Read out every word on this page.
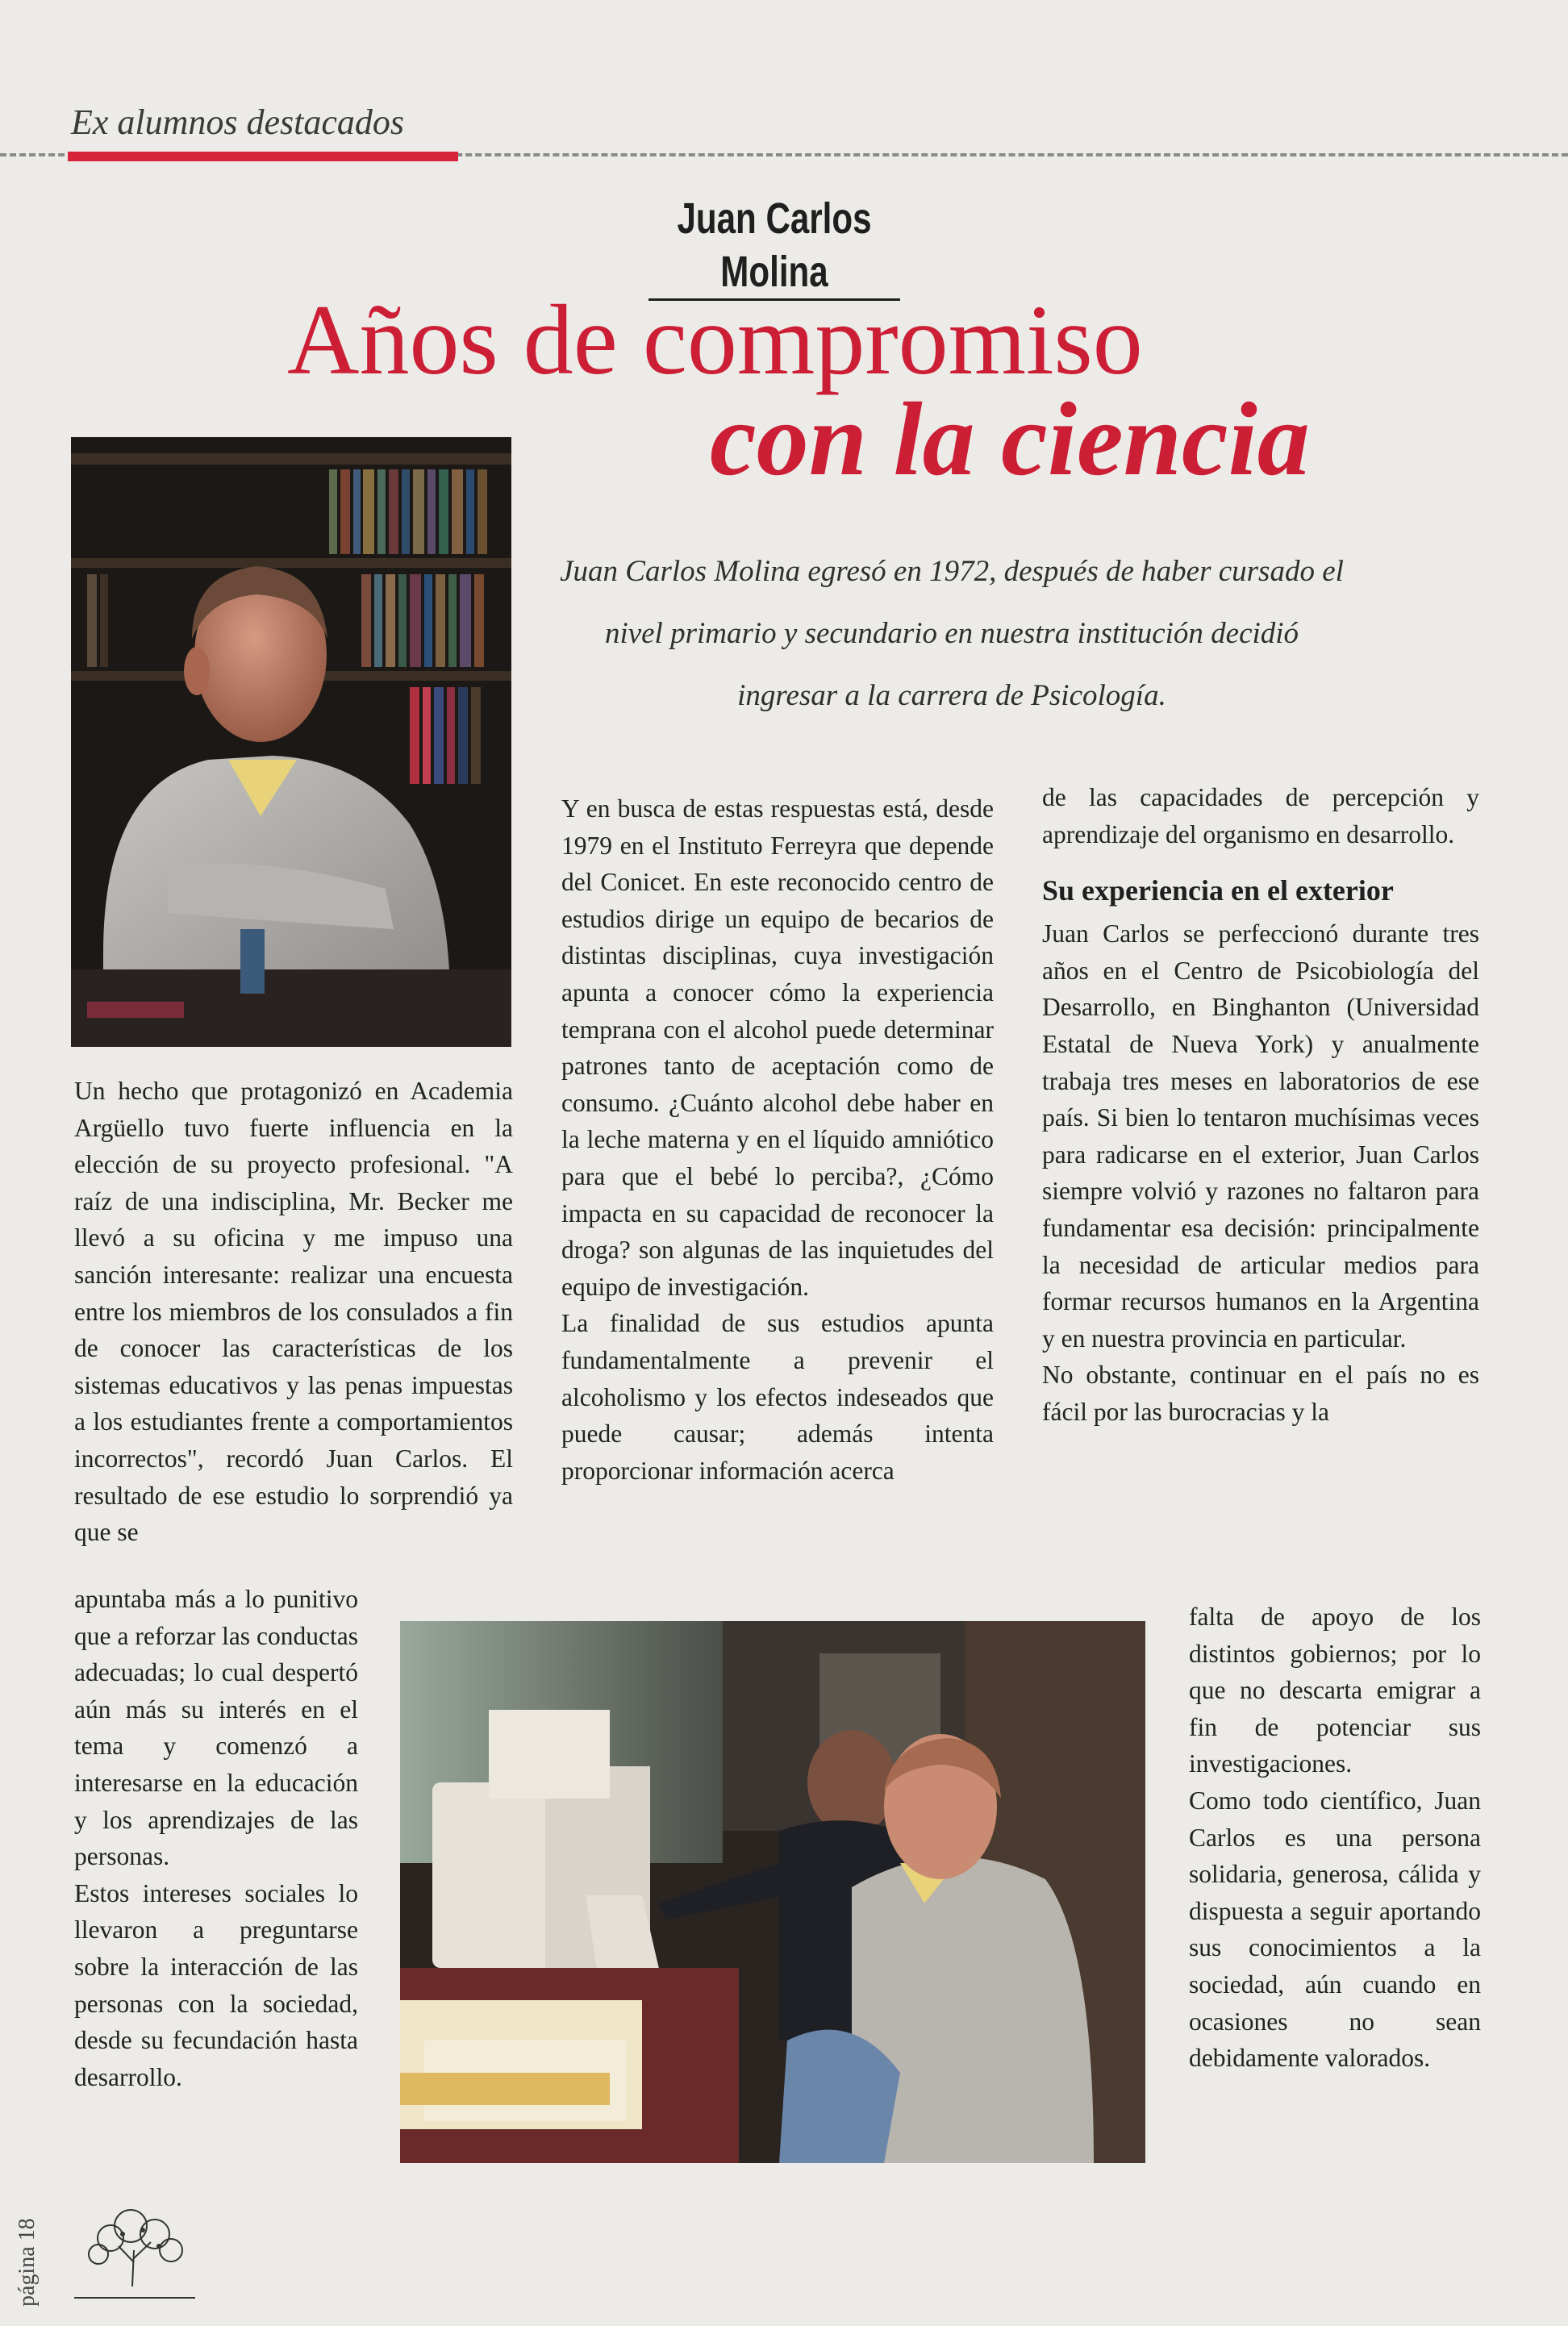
Ex alumnos destacados
Juan Carlos Molina
Años de compromiso
con la ciencia
Juan Carlos Molina egresó en 1972, después de haber cursado el nivel primario y secundario en nuestra institución decidió ingresar a la carrera de Psicología.

Un hecho que protagonizó en Academia Argüello tuvo fuerte influencia en la elección de su proyecto profesional. "A raíz de una indisciplina, Mr. Becker me llevó a su oficina y me impuso una sanción interesante: realizar una encuesta entre los miembros de los consulados a fin de conocer las características de los sistemas educativos y las penas impuestas a los estudiantes frente a comportamientos incorrectos", recordó Juan Carlos. El resultado de ese estudio lo sorprendió ya que se

apuntaba más a lo punitivo que a reforzar las conductas adecuadas; lo cual despertó aún más su interés en el tema y comenzó a interesarse en la educación y los aprendizajes de las personas.

Estos intereses sociales lo llevaron a preguntarse sobre la interacción de las personas con la sociedad, desde su fecundación hasta desarrollo.

Y en busca de estas respuestas está, desde 1979 en el Instituto Ferreyra que depende del Conicet. En este reconocido centro de estudios dirige un equipo de becarios de distintas disciplinas, cuya investigación apunta a conocer cómo la experiencia temprana con el alcohol puede determinar patrones tanto de aceptación como de consumo. ¿Cuánto alcohol debe haber en la leche materna y en el líquido amniótico para que el bebé lo perciba?, ¿Cómo impacta en su capacidad de reconocer la droga? son algunas de las inquietudes del equipo de investigación.

La finalidad de sus estudios apunta fundamentalmente a prevenir el alcoholismo y los efectos indeseados que puede causar; además intenta proporcionar información acerca

de las capacidades de percepción y aprendizaje del organismo en desarrollo.

Su experiencia en el exterior

Juan Carlos se perfeccionó durante tres años en el Centro de Psicobiología del Desarrollo, en Binghanton (Universidad Estatal de Nueva York) y anualmente trabaja tres meses en laboratorios de ese país. Si bien lo tentaron muchísimas veces para radicarse en el exterior, Juan Carlos siempre volvió y razones no faltaron para fundamentar esa decisión: principalmente la necesidad de articular medios para formar recursos humanos en la Argentina y en nuestra provincia en particular.

No obstante, continuar en el país no es fácil por las burocracias y la

falta de apoyo de los distintos gobiernos; por lo que no descarta emigrar a fin de potenciar sus investigaciones.

Como todo científico, Juan Carlos es una persona solidaria, generosa, cálida y dispuesta a seguir aportando sus conocimientos a la sociedad, aún cuando en ocasiones no sean debidamente valorados.

página 18
